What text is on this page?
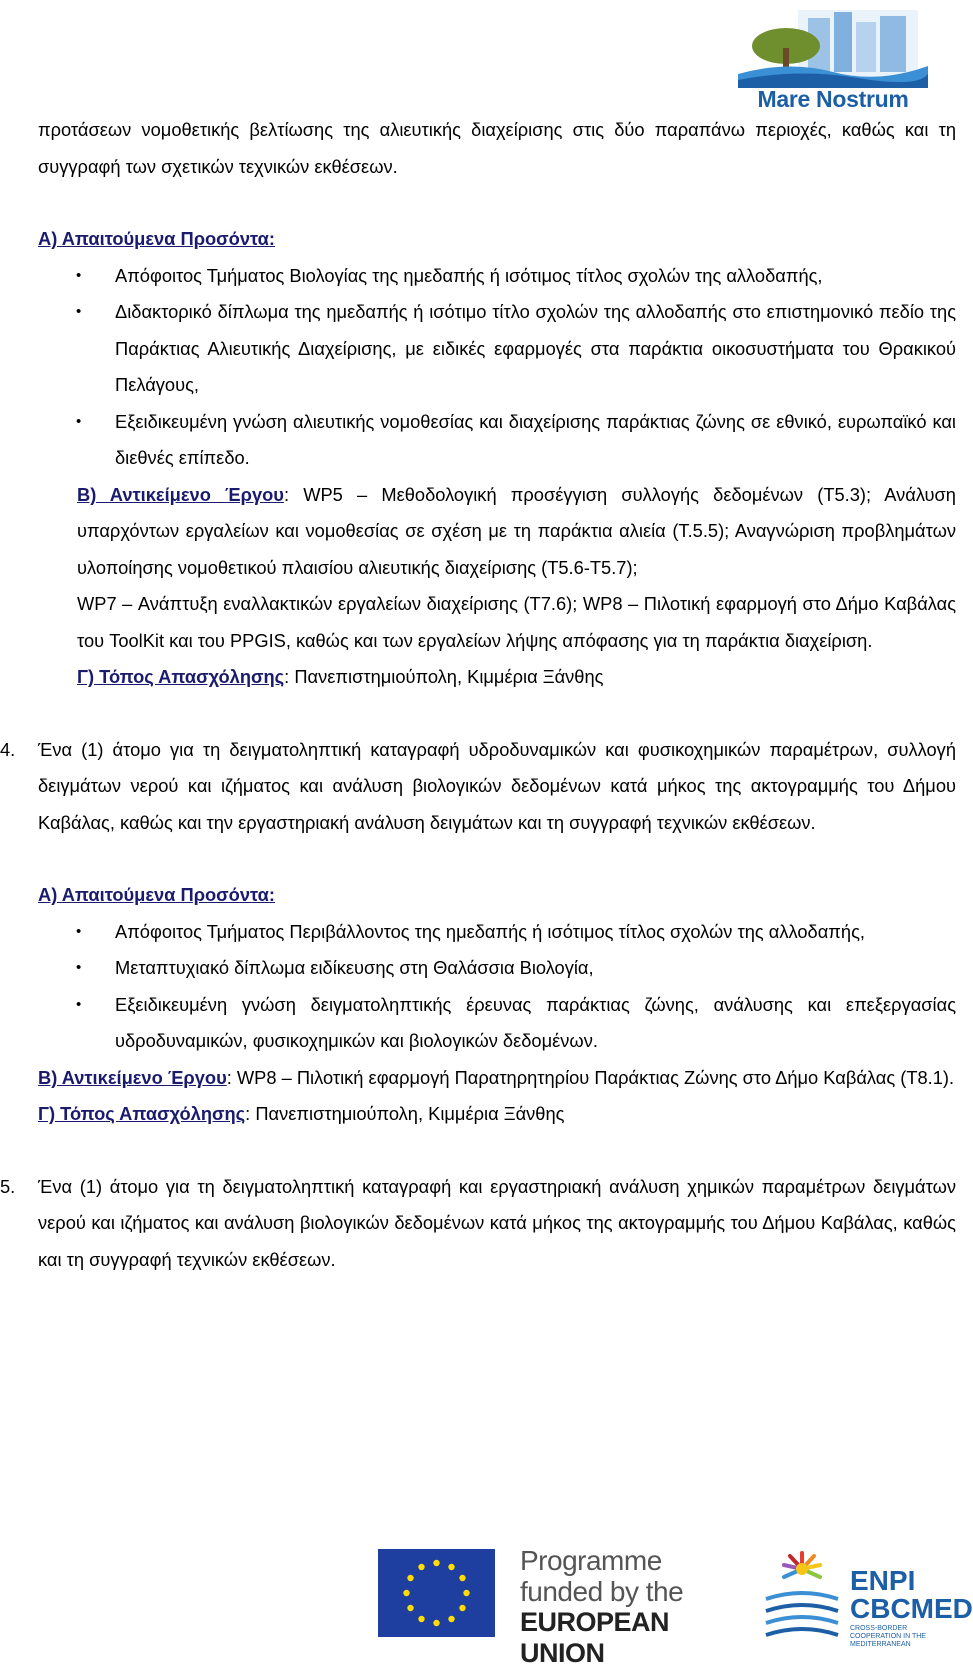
Mare Nostrum

προτάσεων νομοθετικής βελτίωσης της αλιευτικής διαχείρισης στις δύο παραπάνω περιοχές, καθώς και τη συγγραφή των σχετικών τεχνικών εκθέσεων.

Α) Απαιτούμενα Προσόντα:

• Απόφοιτος Τμήματος Βιολογίας της ημεδαπής ή ισότιμος τίτλος σχολών της αλλοδαπής,
• Διδακτορικό δίπλωμα της ημεδαπής ή ισότιμο τίτλο σχολών της αλλοδαπής στο επιστημονικό πεδίο της Παράκτιας Αλιευτικής Διαχείρισης, με ειδικές εφαρμογές στα παράκτια οικοσυστήματα του Θρακικού Πελάγους,
• Εξειδικευμένη γνώση αλιευτικής νομοθεσίας και διαχείρισης παράκτιας ζώνης σε εθνικό, ευρωπαϊκό και διεθνές επίπεδο.

Β) Αντικείμενο Έργου: WP5 – Μεθοδολογική προσέγγιση συλλογής δεδομένων (Τ5.3); Ανάλυση υπαρχόντων εργαλείων και νομοθεσίας σε σχέση με τη παράκτια αλιεία (Τ.5.5); Αναγνώριση προβλημάτων υλοποίησης νομοθετικού πλαισίου αλιευτικής διαχείρισης (Τ5.6-Τ5.7);

WP7 – Ανάπτυξη εναλλακτικών εργαλείων διαχείρισης (Τ7.6); WP8 – Πιλοτική εφαρμογή στο Δήμο Καβάλας του ToolKit και του PPGIS, καθώς και των εργαλείων λήψης απόφασης για τη παράκτια διαχείριση.

Γ) Τόπος Απασχόλησης: Πανεπιστημιούπολη, Κιμμέρια Ξάνθης

4. Ένα (1) άτομο για τη δειγματοληπτική καταγραφή υδροδυναμικών και φυσικοχημικών παραμέτρων, συλλογή δειγμάτων νερού και ιζήματος και ανάλυση βιολογικών δεδομένων κατά μήκος της ακτογραμμής του Δήμου Καβάλας, καθώς και την εργαστηριακή ανάλυση δειγμάτων και τη συγγραφή τεχνικών εκθέσεων.

Α) Απαιτούμενα Προσόντα:

• Απόφοιτος Τμήματος Περιβάλλοντος της ημεδαπής ή ισότιμος τίτλος σχολών της αλλοδαπής,
• Μεταπτυχιακό δίπλωμα ειδίκευσης στη Θαλάσσια Βιολογία,
• Εξειδικευμένη γνώση δειγματοληπτικής έρευνας παράκτιας ζώνης, ανάλυσης και επεξεργασίας υδροδυναμικών, φυσικοχημικών και βιολογικών δεδομένων.

Β) Αντικείμενο Έργου: WP8 – Πιλοτική εφαρμογή Παρατηρητηρίου Παράκτιας Ζώνης στο Δήμο Καβάλας (Τ8.1).

Γ) Τόπος Απασχόλησης: Πανεπιστημιούπολη, Κιμμέρια Ξάνθης

5. Ένα (1) άτομο για τη δειγματοληπτική καταγραφή και εργαστηριακή ανάλυση χημικών παραμέτρων δειγμάτων νερού και ιζήματος και ανάλυση βιολογικών δεδομένων κατά μήκος της ακτογραμμής του Δήμου Καβάλας, καθώς και τη συγγραφή τεχνικών εκθέσεων.

Programme
funded by the
EUROPEAN UNION
ENPI
CBCMED
CROSS-BORDER COOPERATION IN THE MEDITERRANEAN
